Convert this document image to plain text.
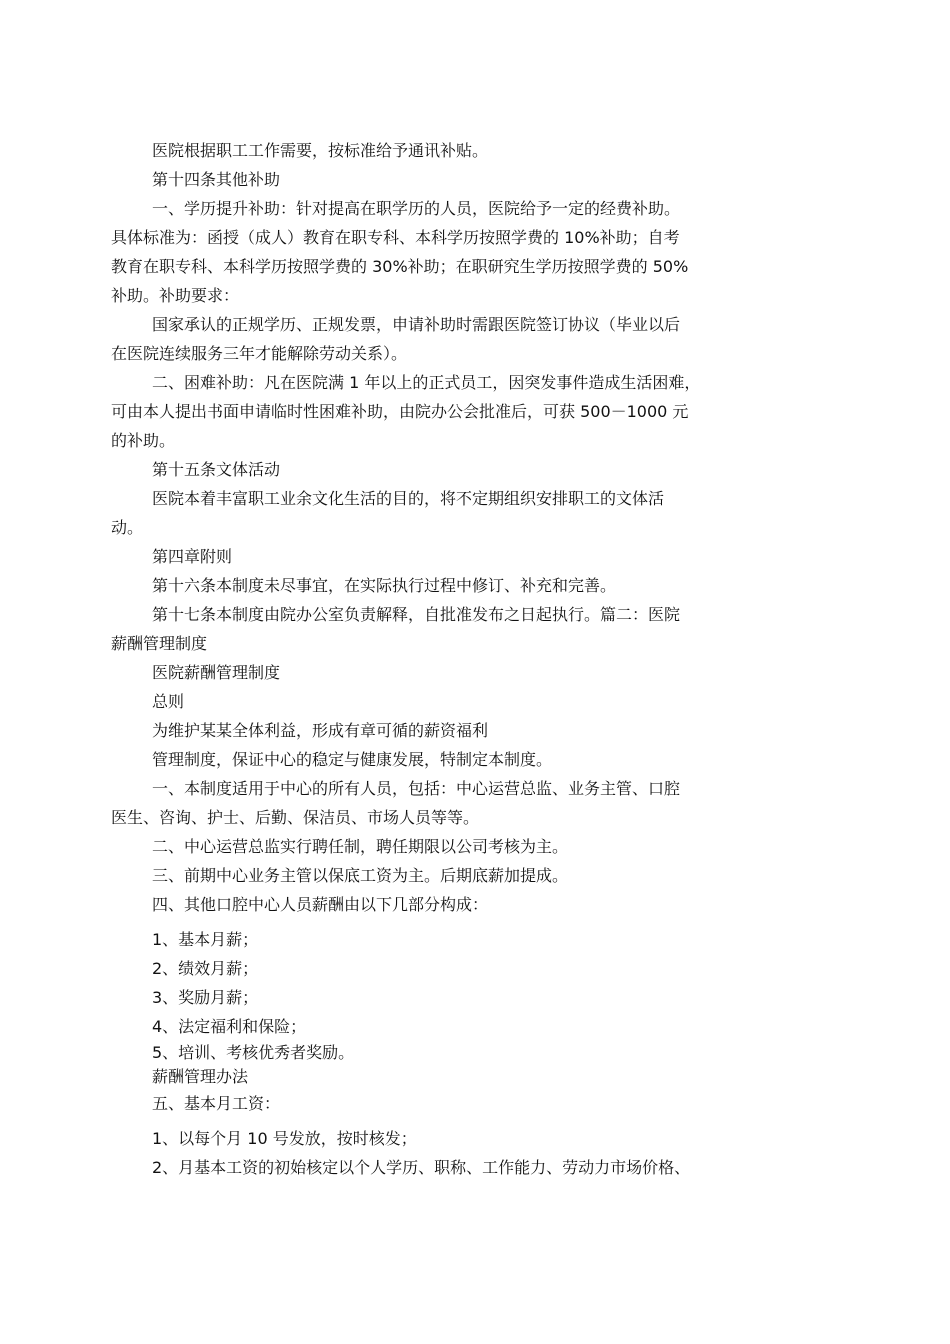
医院根据职工工作需要，按标准给予通讯补贴。
第十四条其他补助
一、学历提升补助：针对提高在职学历的人员，医院给予一定的经费补助。
具体标准为：函授（成人）教育在职专科、本科学历按照学费的 10%补助；自考
教育在职专科、本科学历按照学费的 30%补助；在职研究生学历按照学费的 50%
补助。补助要求：
国家承认的正规学历、正规发票，申请补助时需跟医院签订协议（毕业以后
在医院连续服务三年才能解除劳动关系）。
二、困难补助：凡在医院满 1 年以上的正式员工，因突发事件造成生活困难，
可由本人提出书面申请临时性困难补助，由院办公会批准后，可获 500－1000 元
的补助。
第十五条文体活动
医院本着丰富职工业余文化生活的目的，将不定期组织安排职工的文体活
动。
第四章附则
第十六条本制度未尽事宜，在实际执行过程中修订、补充和完善。
第十七条本制度由院办公室负责解释，自批准发布之日起执行。篇二：医院
薪酬管理制度
医院薪酬管理制度
总则
为维护某某全体利益，形成有章可循的薪资福利
管理制度，保证中心的稳定与健康发展，特制定本制度。
一、本制度适用于中心的所有人员，包括：中心运营总监、业务主管、口腔
医生、咨询、护士、后勤、保洁员、市场人员等等。
二、中心运营总监实行聘任制，聘任期限以公司考核为主。
三、前期中心业务主管以保底工资为主。后期底薪加提成。
四、其他口腔中心人员薪酬由以下几部分构成：
1、基本月薪；
2、绩效月薪；
3、奖励月薪；
4、法定福利和保险；
5、培训、考核优秀者奖励。
薪酬管理办法
五、基本月工资：
1、以每个月 10 号发放，按时核发；
2、月基本工资的初始核定以个人学历、职称、工作能力、劳动力市场价格、
